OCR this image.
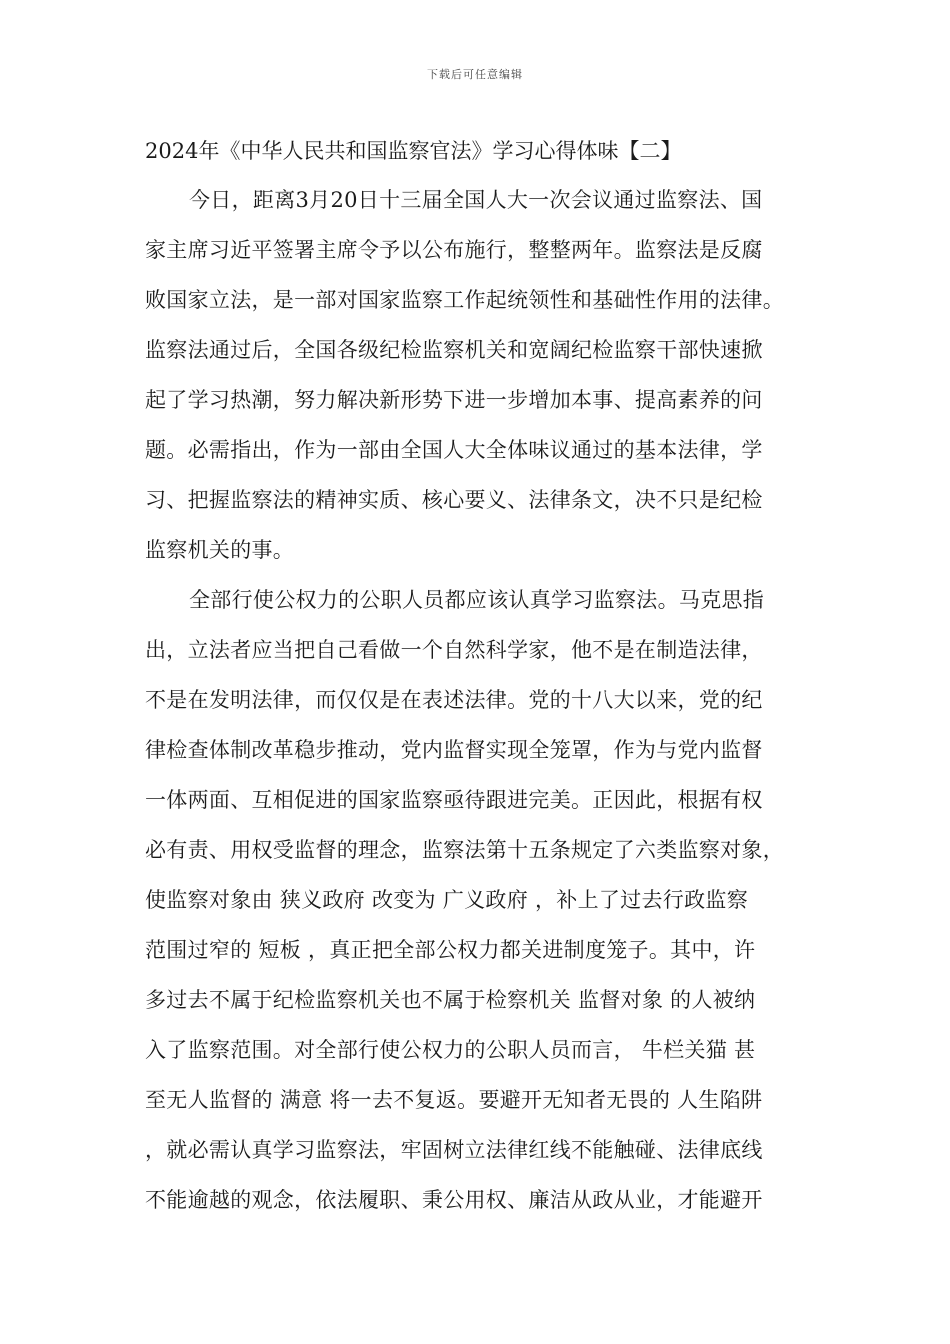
下载后可任意编辑
2024年《中华人民共和国监察官法》学习心得体味【二】
今日，距离3月20日十三届全国人大一次会议通过监察法、国
家主席习近平签署主席令予以公布施行，整整两年。监察法是反腐
败国家立法，是一部对国家监察工作起统领性和基础性作用的法律。
监察法通过后，全国各级纪检监察机关和宽阔纪检监察干部快速掀
起了学习热潮，努力解决新形势下进一步增加本事、提高素养的问
题。必需指出，作为一部由全国人大全体味议通过的基本法律，学
习、把握监察法的精神实质、核心要义、法律条文，决不只是纪检
监察机关的事。
全部行使公权力的公职人员都应该认真学习监察法。马克思指
出，立法者应当把自己看做一个自然科学家，他不是在制造法律，
不是在发明法律，而仅仅是在表述法律。党的十八大以来，党的纪
律检查体制改革稳步推动，党内监督实现全笼罩，作为与党内监督
一体两面、互相促进的国家监察亟待跟进完美。正因此，根据有权
必有责、用权受监督的理念，监察法第十五条规定了六类监察对象，
使监察对象由 狭义政府 改变为 广义政府 ，补上了过去行政监察
范围过窄的 短板 ，真正把全部公权力都关进制度笼子。其中，许
多过去不属于纪检监察机关也不属于检察机关 监督对象 的人被纳
入了监察范围。对全部行使公权力的公职人员而言， 牛栏关猫 甚
至无人监督的 满意 将一去不复返。要避开无知者无畏的 人生陷阱
，就必需认真学习监察法，牢固树立法律红线不能触碰、法律底线
不能逾越的观念，依法履职、秉公用权、廉洁从政从业，才能避开
